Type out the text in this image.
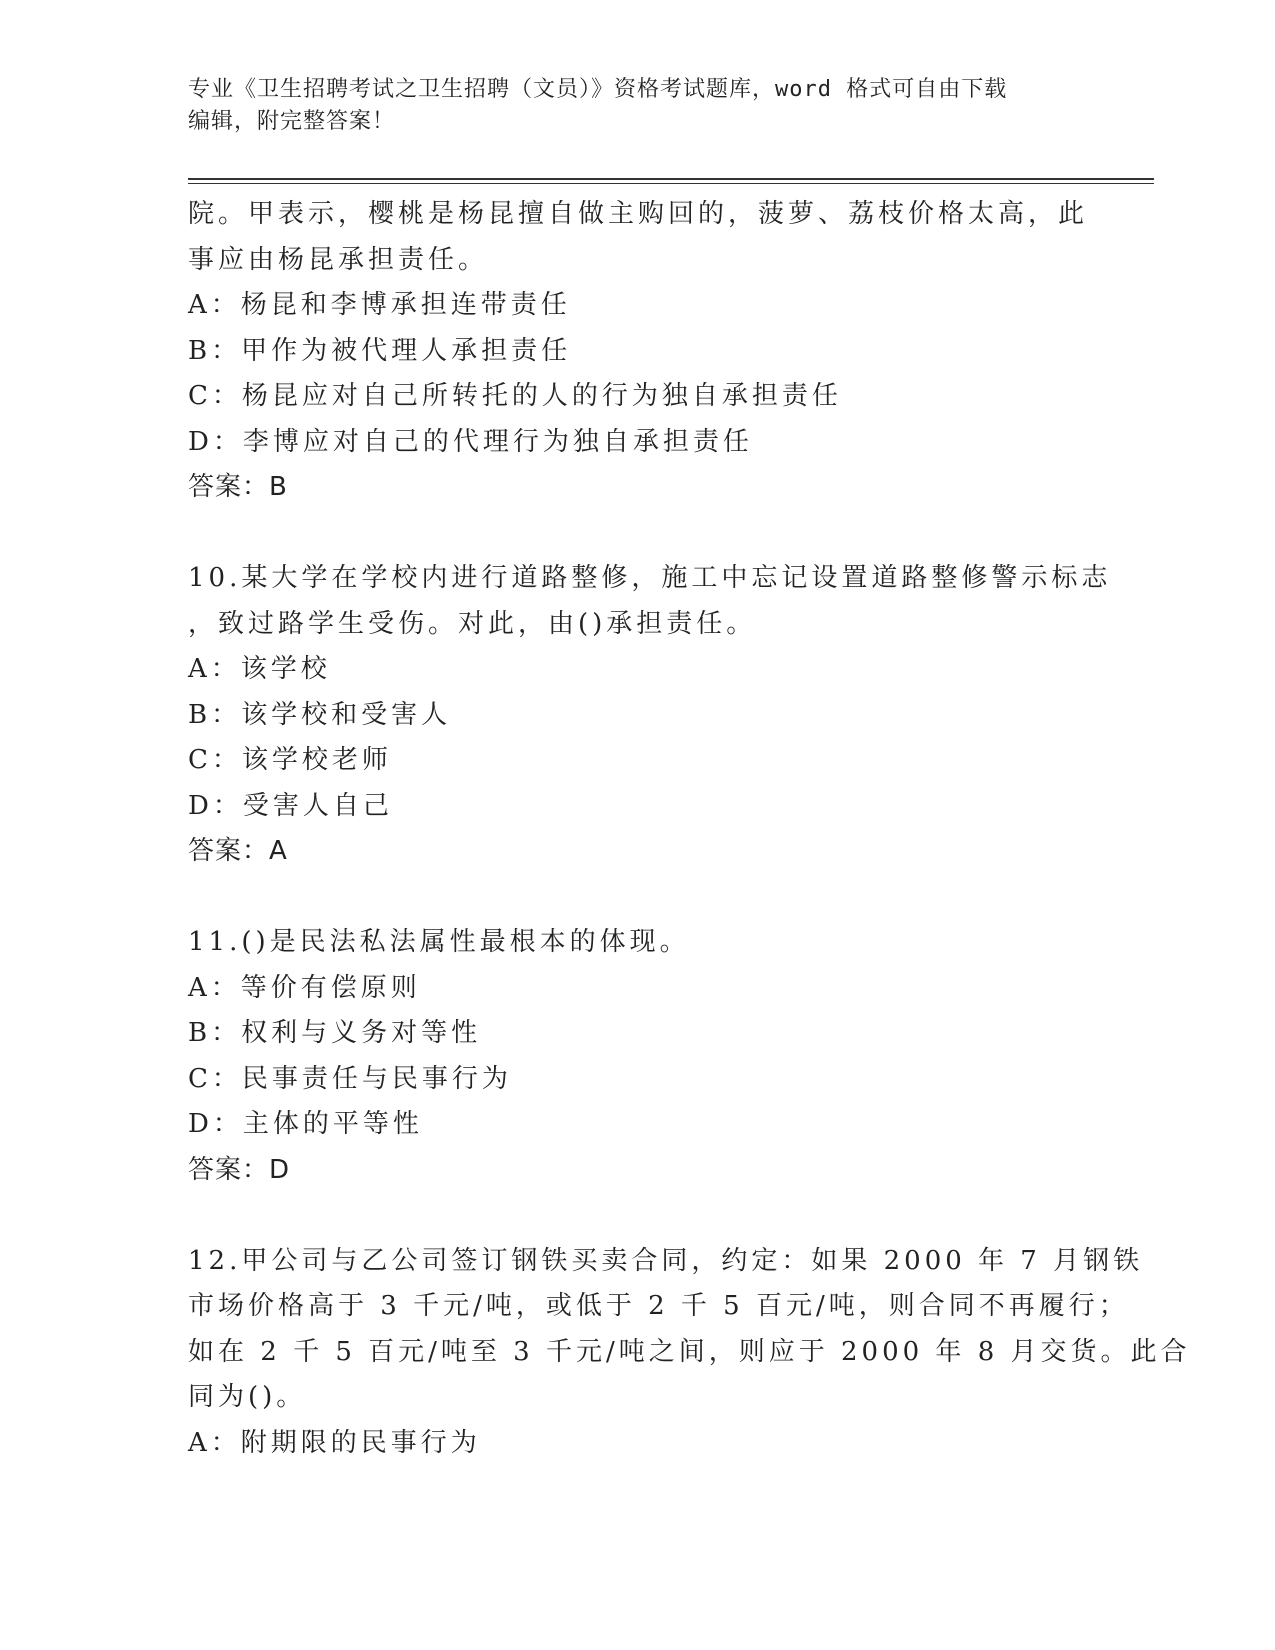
专业《卫生招聘考试之卫生招聘（文员）》资格考试题库，word 格式可自由下载
编辑，附完整答案！
院。甲表示，樱桃是杨昆擅自做主购回的，菠萝、荔枝价格太高，此
事应由杨昆承担责任。
A：杨昆和李博承担连带责任
B：甲作为被代理人承担责任
C：杨昆应对自己所转托的人的行为独自承担责任
D：李博应对自己的代理行为独自承担责任
答案：B
10.某大学在学校内进行道路整修，施工中忘记设置道路整修警示标志
，致过路学生受伤。对此，由()承担责任。
A：该学校
B：该学校和受害人
C：该学校老师
D：受害人自己
答案：A
11.()是民法私法属性最根本的体现。
A：等价有偿原则
B：权利与义务对等性
C：民事责任与民事行为
D：主体的平等性
答案：D
12.甲公司与乙公司签订钢铁买卖合同，约定：如果 2000 年 7 月钢铁
市场价格高于 3 千元/吨，或低于 2 千 5 百元/吨，则合同不再履行；
如在 2 千 5 百元/吨至 3 千元/吨之间，则应于 2000 年 8 月交货。此合
同为()。
A：附期限的民事行为
